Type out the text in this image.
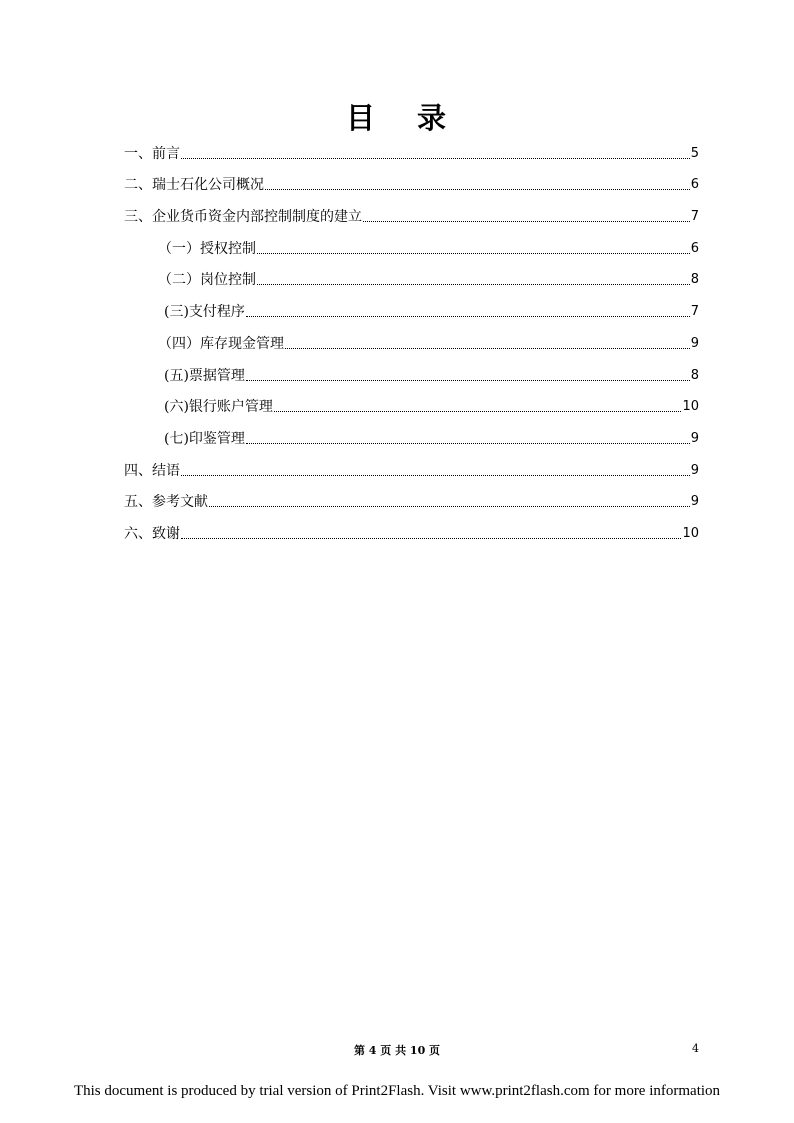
目 录
一、前言	5
二、瑞士石化公司概况	6
三、企业货币资金内部控制制度的建立	7
（一）授权控制	6
（二）岗位控制	8
(三)支付程序	7
（四）库存现金管理	9
(五)票据管理	8
(六)银行账户管理	10
(七)印鉴管理	9
四、结语	9
五、参考文献	9
六、致谢	10
第 4 页 共 10 页	4
This document is produced by trial version of Print2Flash. Visit www.print2flash.com for more information
